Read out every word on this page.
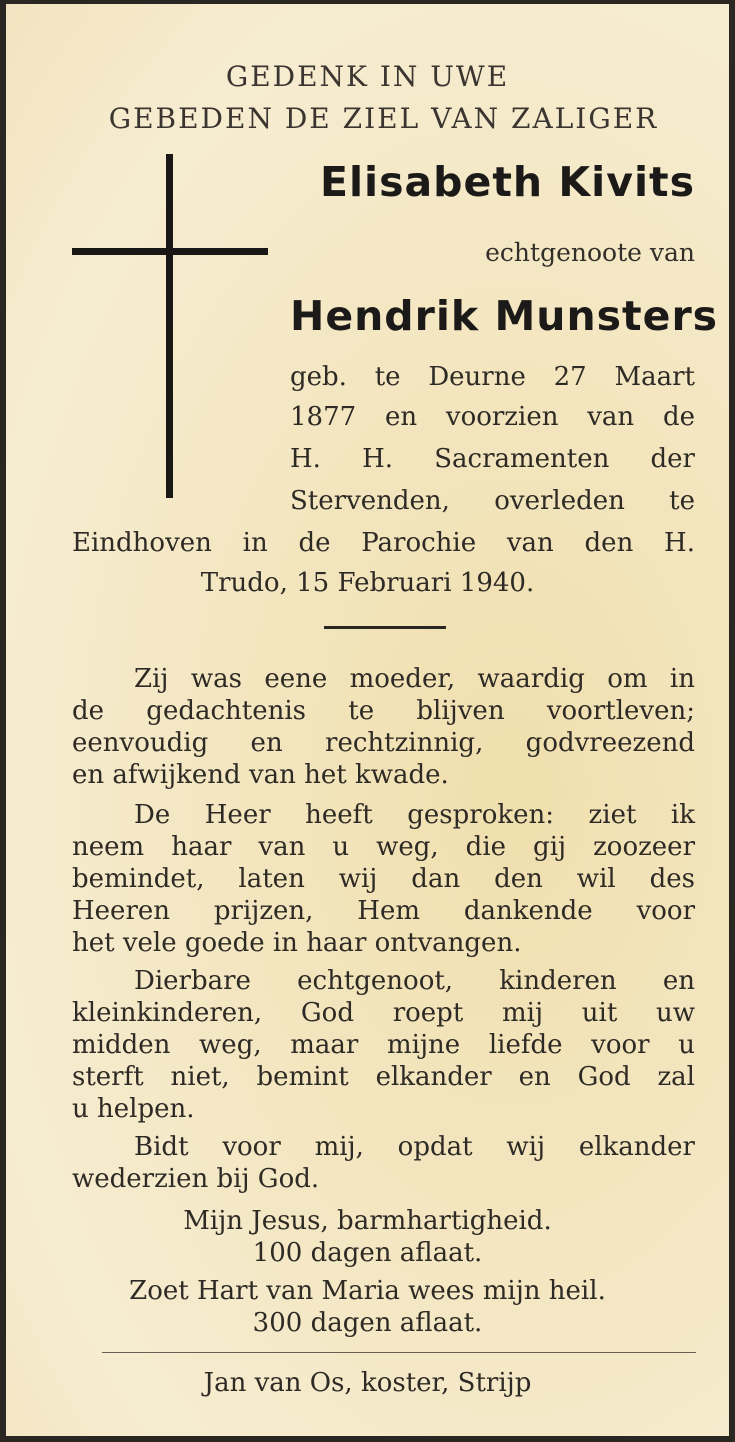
GEDENK IN UWE
GEBEDEN DE ZIEL VAN ZALIGER
Elisabeth Kivits
echtgenoote van
Hendrik Munsters
geb. te Deurne 27 Maart
1877 en voorzien van de
H. H. Sacramenten der
Stervenden, overleden te
Eindhoven in de Parochie van den H.
Trudo, 15 Februari 1940.
Zij was eene moeder, waardig om in
de gedachtenis te blijven voortleven;
eenvoudig en rechtzinnig, godvreezend
en afwijkend van het kwade.
De Heer heeft gesproken: ziet ik
neem haar van u weg, die gij zoozeer
bemindet, laten wij dan den wil des
Heeren prijzen, Hem dankende voor
het vele goede in haar ontvangen.
Dierbare echtgenoot, kinderen en
kleinkinderen, God roept mij uit uw
midden weg, maar mijne liefde voor u
sterft niet, bemint elkander en God zal
u helpen.
Bidt voor mij, opdat wij elkander
wederzien bij God.
Mijn Jesus, barmhartigheid.
100 dagen aflaat.
Zoet Hart van Maria wees mijn heil.
300 dagen aflaat.
Jan van Os, koster, Strijp
